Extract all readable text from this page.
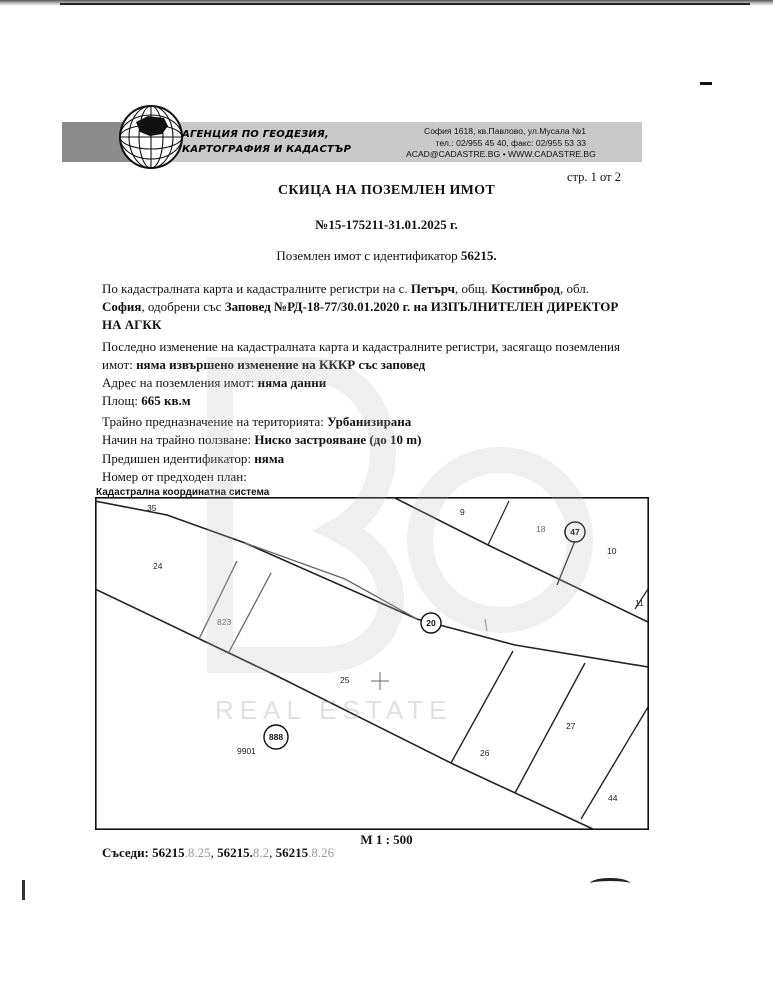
АГЕНЦИЯ ПО ГЕОДЕЗИЯ,
КАРТОГРАФИЯ И КАДАСТЪР
София 1618, кв.Павлово, ул.Мусала №1
тел.: 02/955 45 40, факс: 02/955 53 33
ACAD@CADASTRE.BG • WWW.CADASTRE.BG
стр. 1 от 2
СКИЦА НА ПОЗЕМЛЕН ИМОТ
№15-175211-31.01.2025 г.
Поземлен имот с идентификатор 56215.
По кадастралната карта и кадастралните регистри на с. Петърч, общ. Костинброд, обл.
София, одобрени със Заповед №РД-18-77/30.01.2020 г. на ИЗПЪЛНИТЕЛЕН ДИРЕКТОР
НА АГКК
Последно изменение на кадастралната карта и кадастралните регистри, засягащо поземления
имот: няма извършено изменение на КККР със заповед
Адрес на поземления имот: няма данни
Площ: 665 кв.м
Трайно предназначение на територията: Урбанизирана
Начин на трайно ползване: Ниско застрояване (до 10 m)
Предишен идентификатор: няма
Номер от предходен план:
Кадастрална координатна система
35
24
823
9
18
10
11
25
26
27
44
9901
47
20
888
REAL ESTATE
М 1 : 500
Съседи: 56215.8.25, 56215.8.2, 56215.8.26
